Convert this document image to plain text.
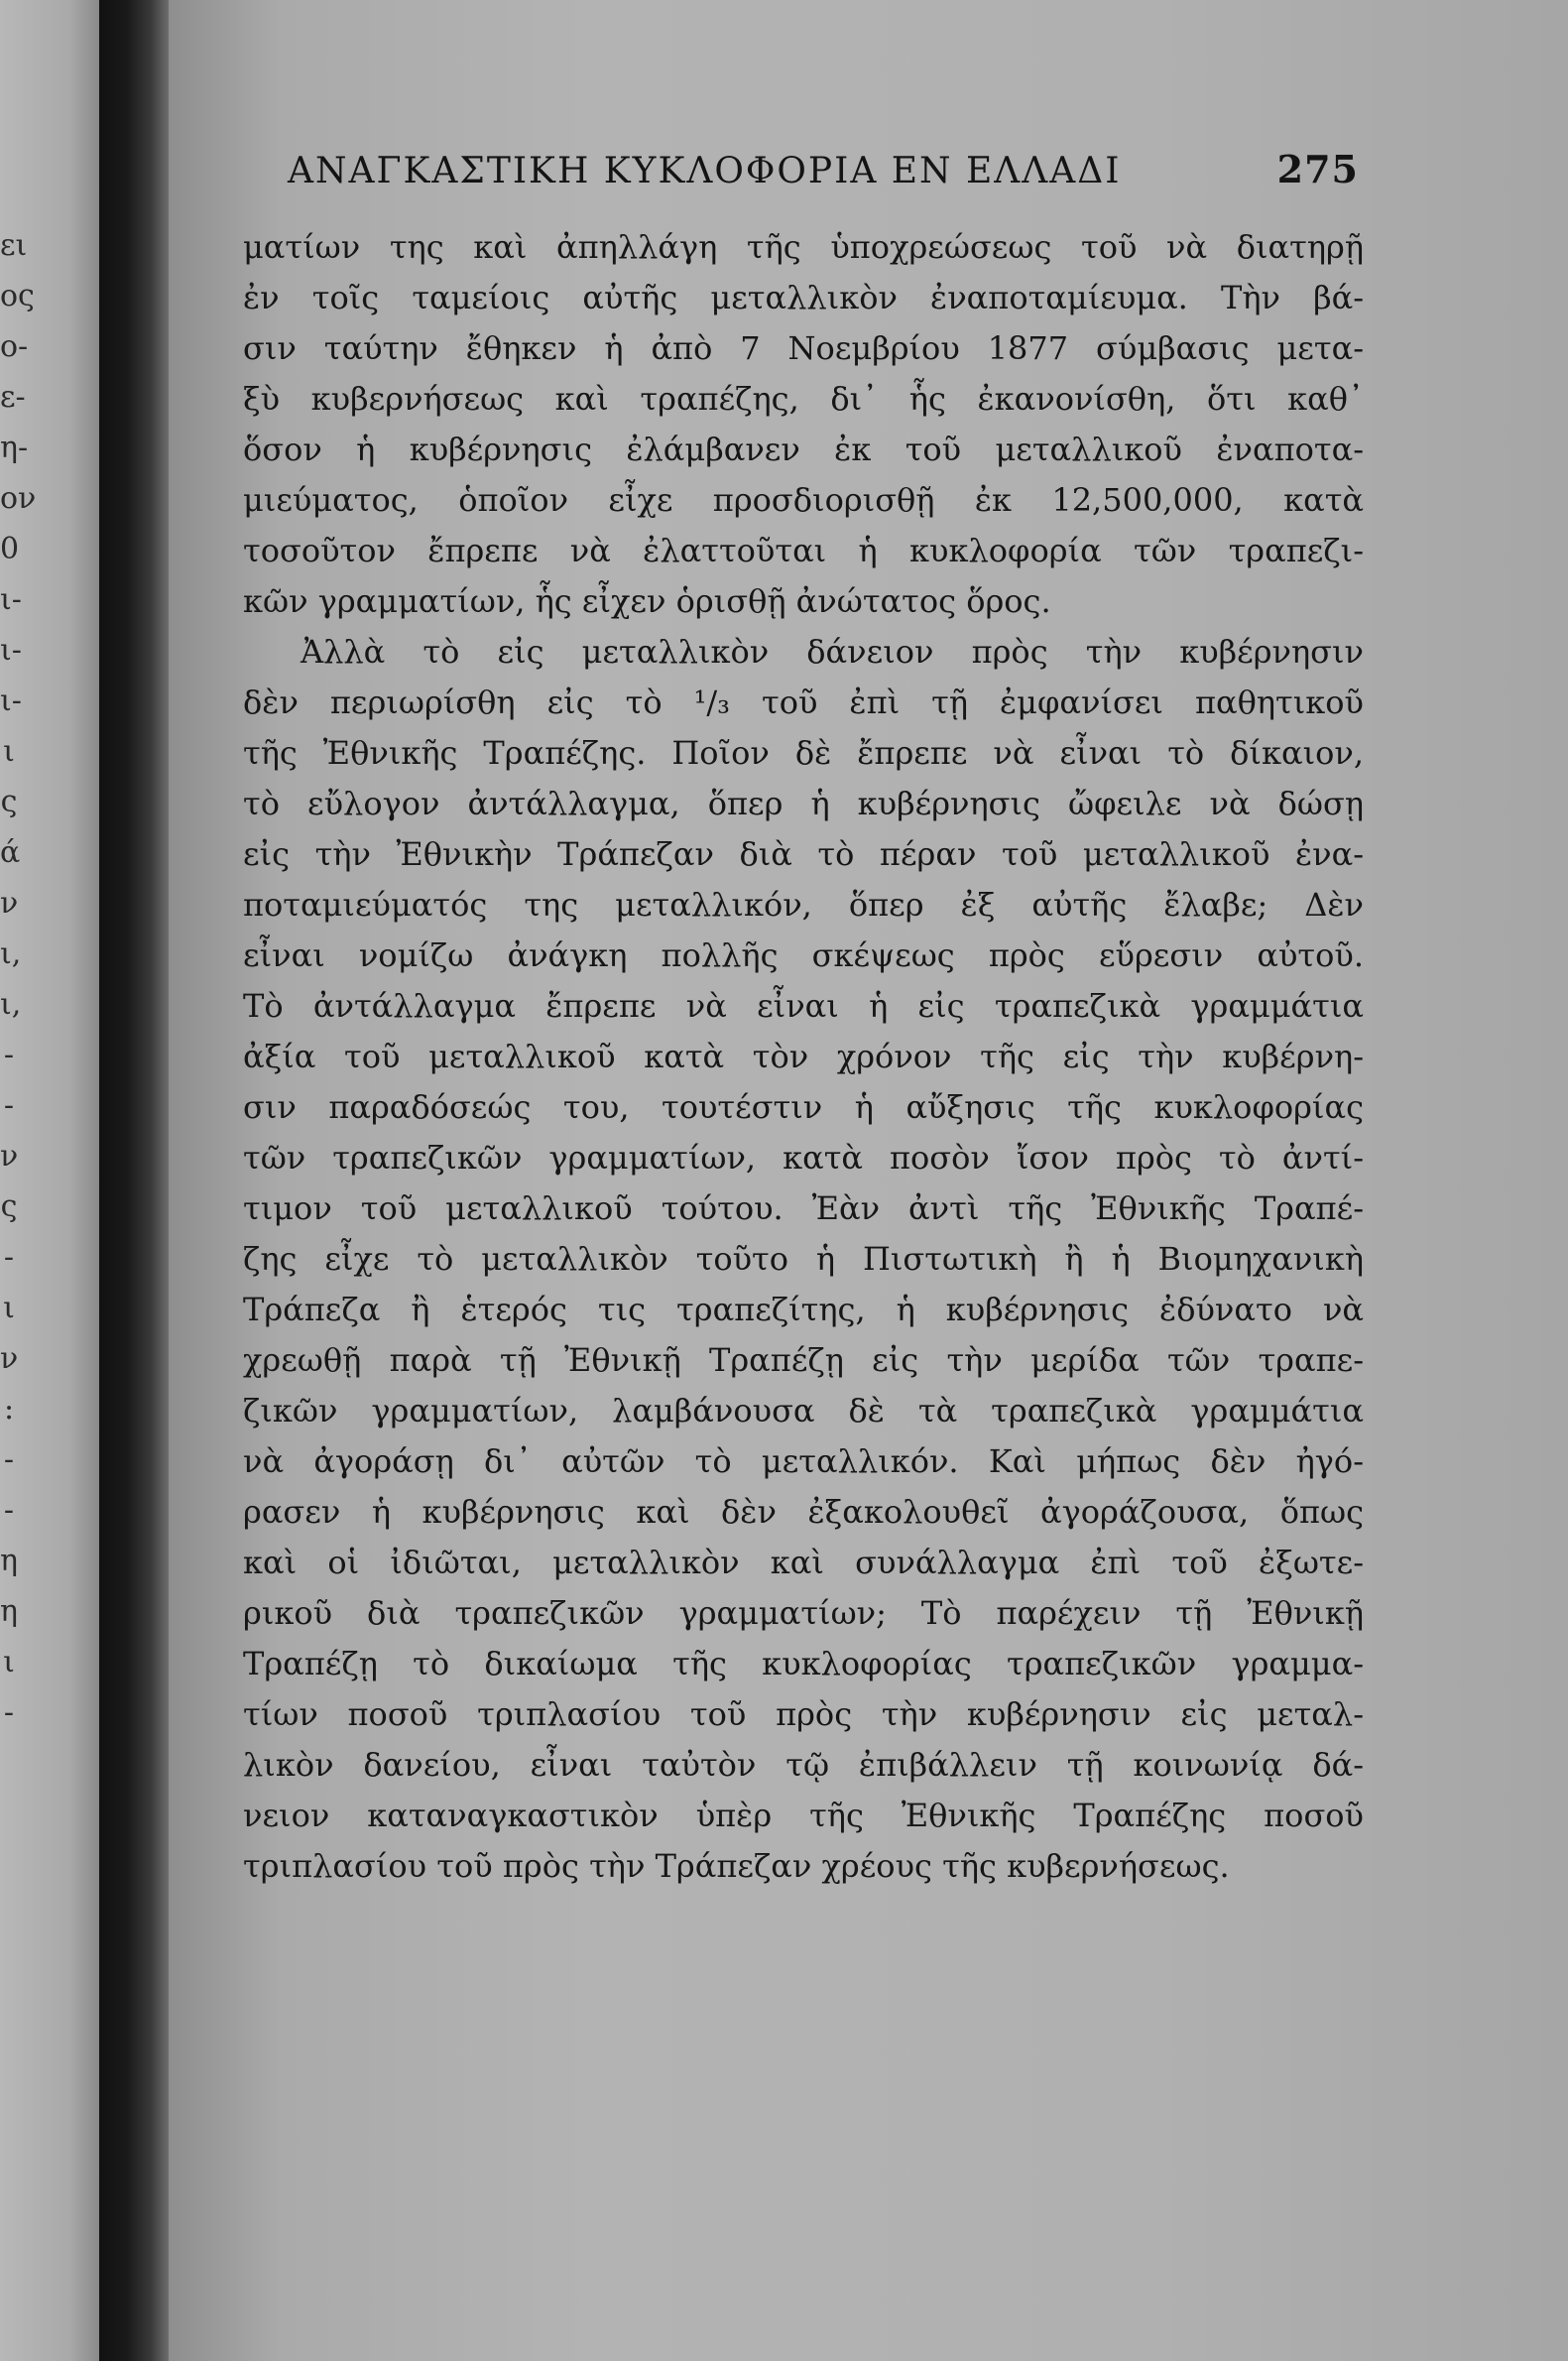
ει
ος
ο-
ε-
η-
ον
0
ι-
ι-
ι-
ι
ς
ά
ν
ι,
ι,
-
-
ν
ς
-
ι
ν
:
-
-
η
η
ι
-
ΑΝΑΓΚΑΣΤΙΚΗ ΚΥΚΛΟΦΟΡΙΑ ΕΝ ΕΛΛΑΔΙ	275
ματίων της καὶ ἀπηλλάγη τῆς ὑποχρεώσεως τοῦ νὰ διατηρῇ
ἐν τοῖς ταμείοις αὐτῆς μεταλλικὸν ἐναποταμίευμα. Τὴν βά-
σιν ταύτην ἔθηκεν ἡ ἀπὸ 7 Νοεμβρίου 1877 σύμβασις μετα-
ξὺ κυβερνήσεως καὶ τραπέζης, δι᾽ ἧς ἐκανονίσθη, ὅτι καθ᾽
ὅσον ἡ κυβέρνησις ἐλάμβανεν ἐκ τοῦ μεταλλικοῦ ἐναποτα-
μιεύματος, ὁποῖον εἶχε προσδιορισθῇ ἐκ 12,500,000, κατὰ
τοσοῦτον ἔπρεπε νὰ ἐλαττοῦται ἡ κυκλοφορία τῶν τραπεζι-
κῶν γραμματίων, ἧς εἶχεν ὁρισθῇ ἀνώτατος ὅρος.
Ἀλλὰ τὸ εἰς μεταλλικὸν δάνειον πρὸς τὴν κυβέρνησιν
δὲν περιωρίσθη εἰς τὸ ¹/₃ τοῦ ἐπὶ τῇ ἐμφανίσει παθητικοῦ
τῆς Ἐθνικῆς Τραπέζης. Ποῖον δὲ ἔπρεπε νὰ εἶναι τὸ δίκαιον,
τὸ εὔλογον ἀντάλλαγμα, ὅπερ ἡ κυβέρνησις ὤφειλε νὰ δώσῃ
εἰς τὴν Ἐθνικὴν Τράπεζαν διὰ τὸ πέραν τοῦ μεταλλικοῦ ἐνα-
ποταμιεύματός της μεταλλικόν, ὅπερ ἐξ αὐτῆς ἔλαβε; Δὲν
εἶναι νομίζω ἀνάγκη πολλῆς σκέψεως πρὸς εὕρεσιν αὐτοῦ.
Τὸ ἀντάλλαγμα ἔπρεπε νὰ εἶναι ἡ εἰς τραπεζικὰ γραμμάτια
ἀξία τοῦ μεταλλικοῦ κατὰ τὸν χρόνον τῆς εἰς τὴν κυβέρνη-
σιν παραδόσεώς του, τουτέστιν ἡ αὔξησις τῆς κυκλοφορίας
τῶν τραπεζικῶν γραμματίων, κατὰ ποσὸν ἴσον πρὸς τὸ ἀντί-
τιμον τοῦ μεταλλικοῦ τούτου. Ἐὰν ἀντὶ τῆς Ἐθνικῆς Τραπέ-
ζης εἶχε τὸ μεταλλικὸν τοῦτο ἡ Πιστωτικὴ ἢ ἡ Βιομηχανικὴ
Τράπεζα ἢ ἑτερός τις τραπεζίτης, ἡ κυβέρνησις ἐδύνατο νὰ
χρεωθῇ παρὰ τῇ Ἐθνικῇ Τραπέζῃ εἰς τὴν μερίδα τῶν τραπε-
ζικῶν γραμματίων, λαμβάνουσα δὲ τὰ τραπεζικὰ γραμμάτια
νὰ ἀγοράσῃ δι᾽ αὐτῶν τὸ μεταλλικόν. Καὶ μήπως δὲν ἠγό-
ρασεν ἡ κυβέρνησις καὶ δὲν ἐξακολουθεῖ ἀγοράζουσα, ὅπως
καὶ οἱ ἰδιῶται, μεταλλικὸν καὶ συνάλλαγμα ἐπὶ τοῦ ἐξωτε-
ρικοῦ διὰ τραπεζικῶν γραμματίων; Τὸ παρέχειν τῇ Ἐθνικῇ
Τραπέζῃ τὸ δικαίωμα τῆς κυκλοφορίας τραπεζικῶν γραμμα-
τίων ποσοῦ τριπλασίου τοῦ πρὸς τὴν κυβέρνησιν εἰς μεταλ-
λικὸν δανείου, εἶναι ταὐτὸν τῷ ἐπιβάλλειν τῇ κοινωνίᾳ δά-
νειον καταναγκαστικὸν ὑπὲρ τῆς Ἐθνικῆς Τραπέζης ποσοῦ
τριπλασίου τοῦ πρὸς τὴν Τράπεζαν χρέους τῆς κυβερνήσεως.
